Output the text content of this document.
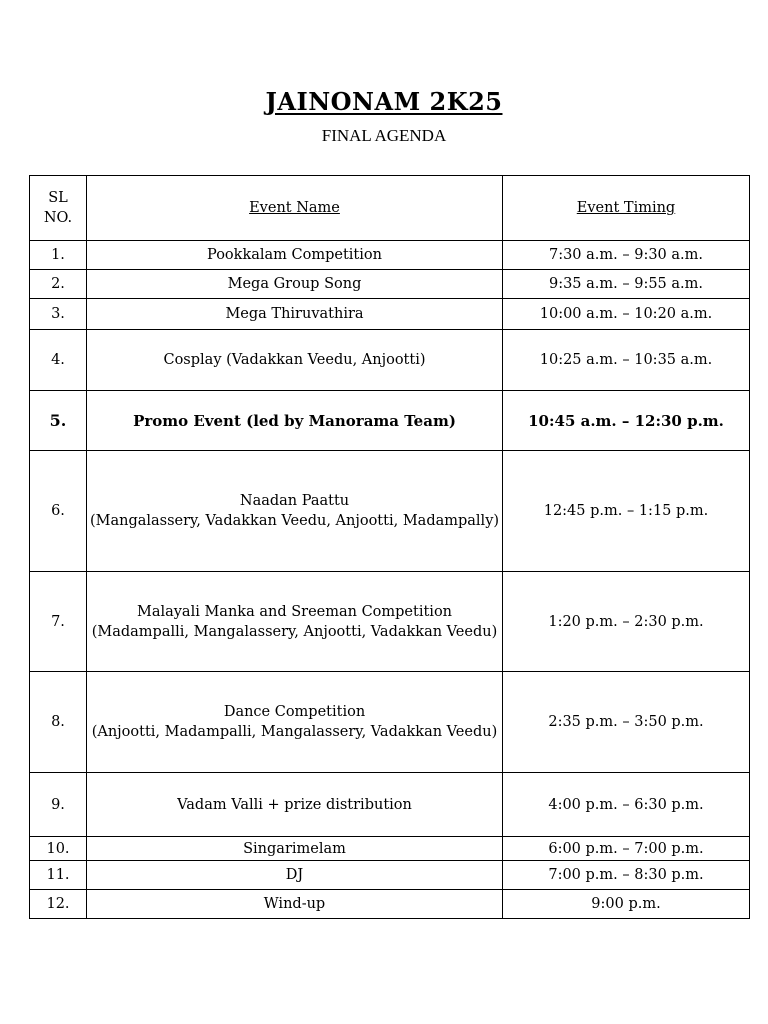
JAINONAM 2K25
FINAL AGENDA
SL
NO.	Event Name	Event Timing
1.	Pookkalam Competition	7:30 a.m. – 9:30 a.m.
2.	Mega Group Song	9:35 a.m. – 9:55 a.m.
3.	Mega Thiruvathira	10:00 a.m. – 10:20 a.m.
4.	Cosplay (Vadakkan Veedu, Anjootti)	10:25 a.m. – 10:35 a.m.
5.	Promo Event (led by Manorama Team)	10:45 a.m. – 12:30 p.m.
6.	Naadan Paattu
(Mangalassery, Vadakkan Veedu, Anjootti, Madampally)	12:45 p.m. – 1:15 p.m.
7.	Malayali Manka and Sreeman Competition
(Madampalli, Mangalassery, Anjootti, Vadakkan Veedu)	1:20 p.m. – 2:30 p.m.
8.	Dance Competition
(Anjootti, Madampalli, Mangalassery, Vadakkan Veedu)	2:35 p.m. – 3:50 p.m.
9.	Vadam Valli + prize distribution	4:00 p.m. – 6:30 p.m.
10.	Singarimelam	6:00 p.m. – 7:00 p.m.
11.	DJ	7:00 p.m. – 8:30 p.m.
12.	Wind-up	9:00 p.m.
